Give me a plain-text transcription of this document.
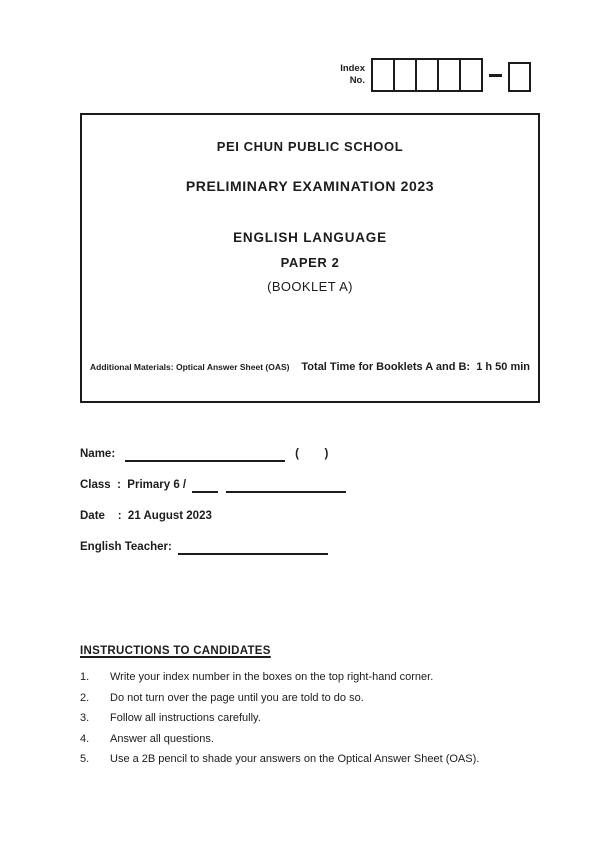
Index
No.
PEI CHUN PUBLIC SCHOOL
PRELIMINARY EXAMINATION 2023
ENGLISH LANGUAGE
PAPER 2
(BOOKLET A)
Additional Materials: Optical Answer Sheet (OAS) Total Time for Booklets A and B:  1 h 50 min
Name:	(        )
Class  :  Primary 6 /
Date    :  21 August 2023
English Teacher:
INSTRUCTIONS TO CANDIDATES
1.	Write your index number in the boxes on the top right-hand corner.
2.	Do not turn over the page until you are told to do so.
3.	Follow all instructions carefully.
4.	Answer all questions.
5.	Use a 2B pencil to shade your answers on the Optical Answer Sheet (OAS).
